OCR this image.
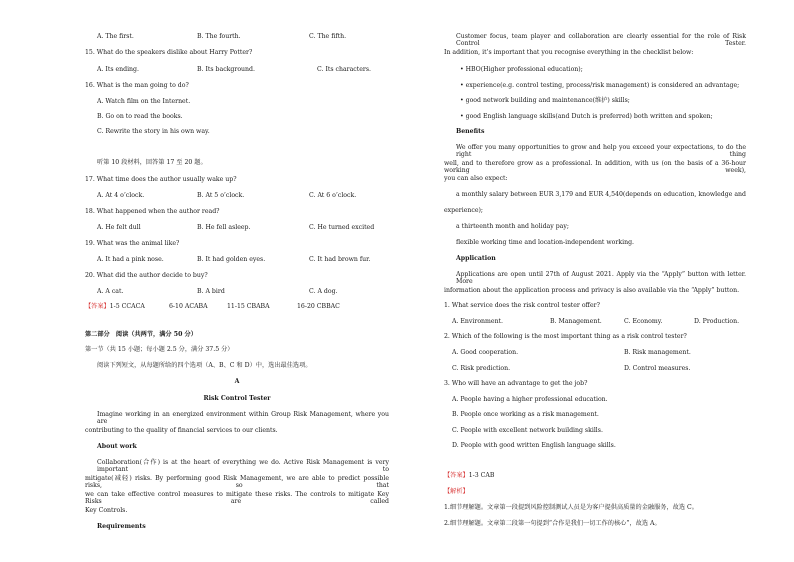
A. The first.	B. The fourth.	C. The fifth.
15. What do the speakers dislike about Harry Potter?
A. Its ending.	B. Its background.	C. Its characters.
16. What is the man going to do?
A. Watch film on the Internet.
B. Go on to read the books.
C. Rewrite the story in his own way.
听第 10 段材料，回答第 17 至 20 题。
17. What time does the author usually wake up?
A. At 4 o’clock.	B. At 5 o’clock.	C. At 6 o’clock.
18. What happened when the author read?
A. He felt dull	B. He fell asleep.	C. He turned excited
19. What was the animal like?
A. It had a pink nose.	B. It had golden eyes.	C. It had brown fur.
20. What did the author decide to buy?
A. A cat.	B. A bird	C. A dog.
【答案】1-5 CCACA	6-10 ACABA	11-15 CBABA	16-20 CBBAC
第二部分　阅读（共两节，满分 50 分）
第一节（共 15 小题；每小题 2.5 分，满分 37.5 分）
阅读下列短文，从每题所给的四个选项（A、B、C 和 D）中，选出最佳选项。
A
Risk Control Tester
Imagine working in an energized environment within Group Risk Management, where you are
contributing to the quality of financial services to our clients.
About work
Collaboration(合作) is at the heart of everything we do. Active Risk Management is very important to
mitigate(减轻) risks. By performing good Risk Management, we are able to predict possible risks, so that
we can take effective control measures to mitigate these risks. The controls to mitigate Key Risks are called
Key Controls.
Requirements
Customer focus, team player and collaboration are clearly essential for the role of Risk Control Tester.
In addition, it’s important that you recognise everything in the checklist below:
• HBO(Higher professional education);
• experience(e.g. control testing, process/risk management) is considered an advantage;
• good network building and maintenance(维护) skills;
• good English language skills(and Dutch is preferred) both written and spoken;
Benefits
We offer you many opportunities to grow and help you exceed your expectations, to do the right thing
well, and to therefore grow as a professional. In addition, with us (on the basis of a 36-hour working week),
you can also expect:
a monthly salary between EUR 3,179 and EUR 4,540(depends on education, knowledge and
experience);
a thirteenth month and holiday pay;
flexible working time and location-independent working.
Application
Applications are open until 27th of August 2021. Apply via the “Apply” button with letter. More
information about the application process and privacy is also available via the “Apply” button.
1. What service does the risk control tester offer?
A. Environment.	B. Management.	C. Economy.	D. Production.
2. Which of the following is the most important thing as a risk control tester?
A. Good cooperation.	B. Risk management.
C. Risk prediction.	D. Control measures.
3. Who will have an advantage to get the job?
A. People having a higher professional education.
B. People once working as a risk management.
C. People with excellent network building skills.
D. People with good written English language skills.
【答案】1-3 CAB
【解析】
1.细节理解题。文章第一段提到风险控制测试人员是为客户提供高质量的金融服务，故选 C。
2.细节理解题。文章第二段第一句提到“合作是我们一切工作的核心”，故选 A。
